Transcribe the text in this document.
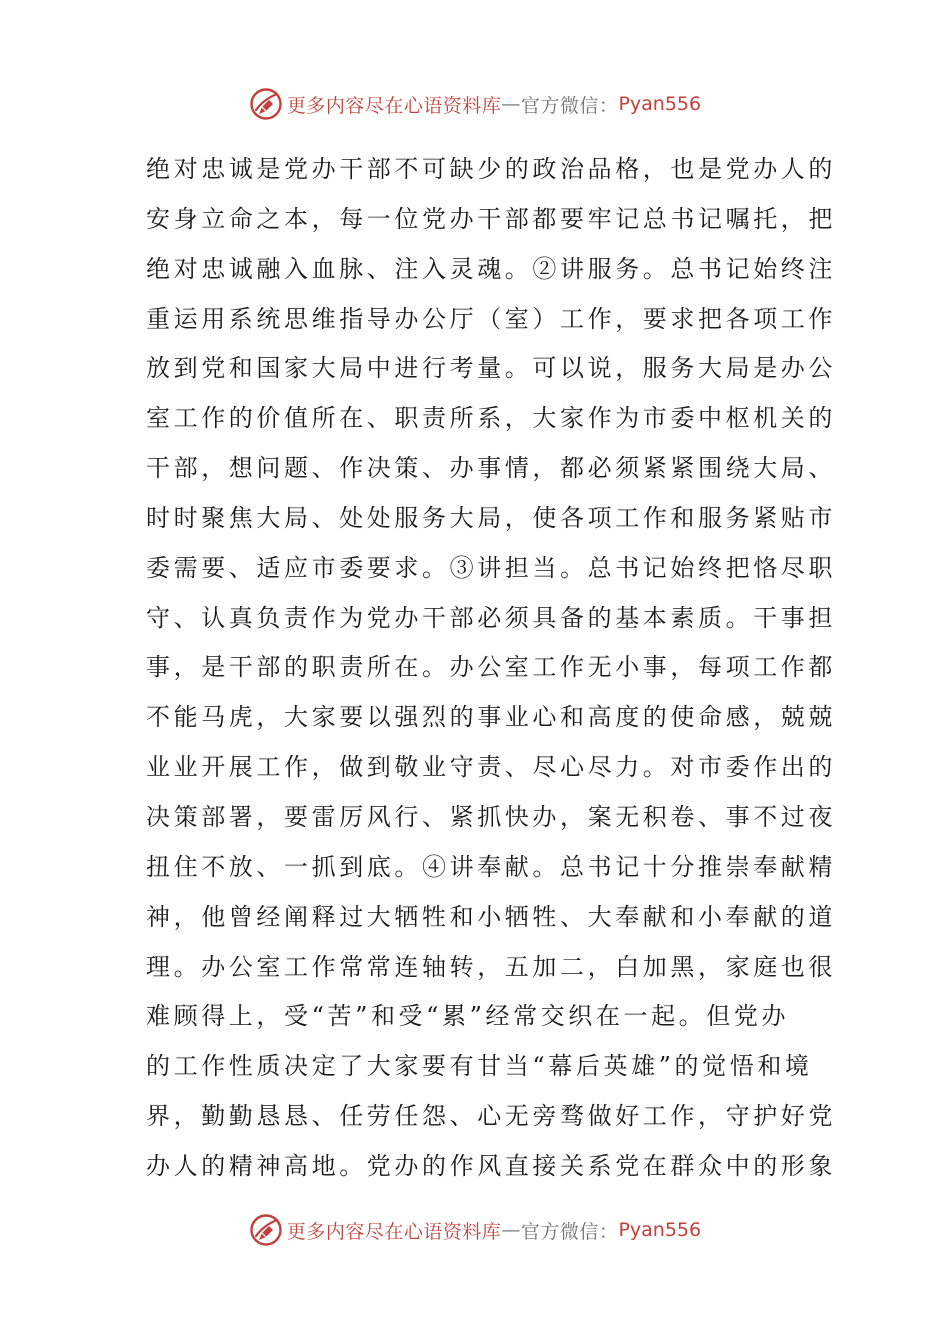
更多内容尽在心语资料库 — 官方微信： Pyan556
绝对忠诚是党办干部不可缺少的政治品格，也是党办人的
安身立命之本，每一位党办干部都要牢记总书记嘱托，把
绝对忠诚融入血脉、注入灵魂。②讲服务。总书记始终注
重运用系统思维指导办公厅（室）工作，要求把各项工作
放到党和国家大局中进行考量。可以说，服务大局是办公
室工作的价值所在、职责所系，大家作为市委中枢机关的
干部，想问题、作决策、办事情，都必须紧紧围绕大局、
时时聚焦大局、处处服务大局，使各项工作和服务紧贴市
委需要、适应市委要求。③讲担当。总书记始终把恪尽职
守、认真负责作为党办干部必须具备的基本素质。干事担
事，是干部的职责所在。办公室工作无小事，每项工作都
不能马虎，大家要以强烈的事业心和高度的使命感，兢兢
业业开展工作，做到敬业守责、尽心尽力。对市委作出的
决策部署，要雷厉风行、紧抓快办，案无积卷、事不过夜
扭住不放、一抓到底。④讲奉献。总书记十分推崇奉献精
神，他曾经阐释过大牺牲和小牺牲、大奉献和小奉献的道
理。办公室工作常常连轴转，五加二，白加黑，家庭也很
难顾得上，受“苦”和受“累”经常交织在一起。但党办
的工作性质决定了大家要有甘当“幕后英雄”的觉悟和境
界，勤勤恳恳、任劳任怨、心无旁骛做好工作，守护好党
办人的精神高地。党办的作风直接关系党在群众中的形象
更多内容尽在心语资料库 — 官方微信： Pyan556
